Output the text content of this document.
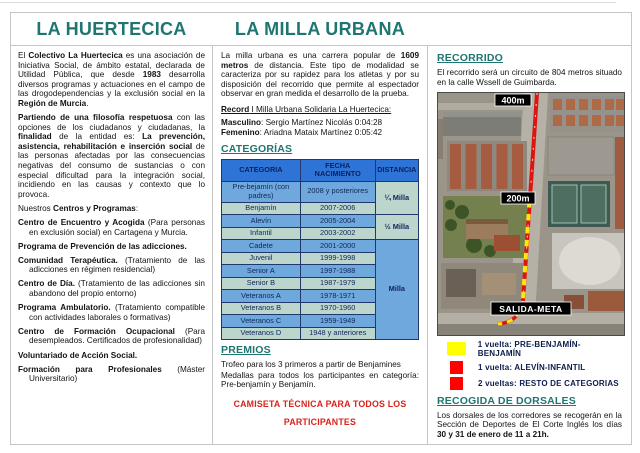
LA HUERTECICA	LA MILLA URBANA

El Colectivo La Huertecica es una asociación de Iniciativa Social, de ámbito estatal, declarada de Utilidad Pública, que desde 1983 desarrolla diversos programas y actuaciones en el campo de las drogodependencias y la exclusión social en la Región de Murcia.

Partiendo de una filosofía respetuosa con las opciones de los ciudadanos y ciudadanas, la finalidad de la entidad es: La prevención, asistencia, rehabilitación e inserción social de las personas afectadas por las consecuencias negativas del consumo de sustancias o con especial dificultad para la integración social, incidiendo en las causas y contexto que lo provoca.

Nuestros Centros y Programas:

Centro de Encuentro y Acogida (Para personas en exclusión social) en Cartagena y Murcia.

Programa de Prevención de las adicciones.

Comunidad Terapéutica. (Tratamiento de las adicciones en régimen residencial)

Centro de Día. (Tratamiento de las adicciones sin abandono del propio entorno)

Programa Ambulatorio. (Tratamiento compatible con actividades laborales o formativas)

Centro de Formación Ocupacional (Para desempleados. Certificados de profesionalidad)

Voluntariado de Acción Social.

Formación para Profesionales (Máster Universitario)

La milla urbana es una carrera popular de 1609 metros de distancia. Este tipo de modalidad se caracteriza por su rapidez para los atletas y por su disposición del recorrido que permite al espectador observar en gran medida el desarrollo de la prueba.

Record I Milla Urbana Solidaria La Huertecica:

Masculino: Sergio Martínez Nicolás 0:04:28

Femenino: Ariadna Mataix Martínez 0:05:42

CATEGORÍAS
CATEGORIA	FECHA NACIMIENTO	DISTANCIA
Pre-bejamín (con padres)	2008 y posteriores	¼ Milla
Benjamín	2007-2006	
Alevín	2005-2004	½ Milla
Infantil	2003-2002	
Cadete	2001-2000	Milla
Juvenil	1999-1998	
Senior A	1997-1988	
Senior B	1987-1979	
Veteranos A	1978-1971	
Veteranos B	1970-1960	
Veteranos C	1959-1949	
Veteranos D	1948 y anteriores	
PREMIOS

Trofeo para los 3 primeros a partir de Benjamines

Medallas para todos los participantes en categoría: Pre-benjamín y Benjamín.

CAMISETA TÉCNICA PARA TODOS LOS
PARTICIPANTES
RECORRIDO

El recorrido será un circuito de 804 metros situado en la calle Wssell de Guimbarda.

400m
200m
SALIDA-META
1 vuelta: PRE-BENJAMÍN-BENJAMÍN
1 vuelta: ALEVÍN-INFANTIL
2 vueltas: RESTO DE CATEGORIAS
RECOGIDA DE DORSALES

Los dorsales de los corredores se recogerán en la Sección de Deportes de El Corte Inglés los días 30 y 31 de enero de 11 a 21h.
